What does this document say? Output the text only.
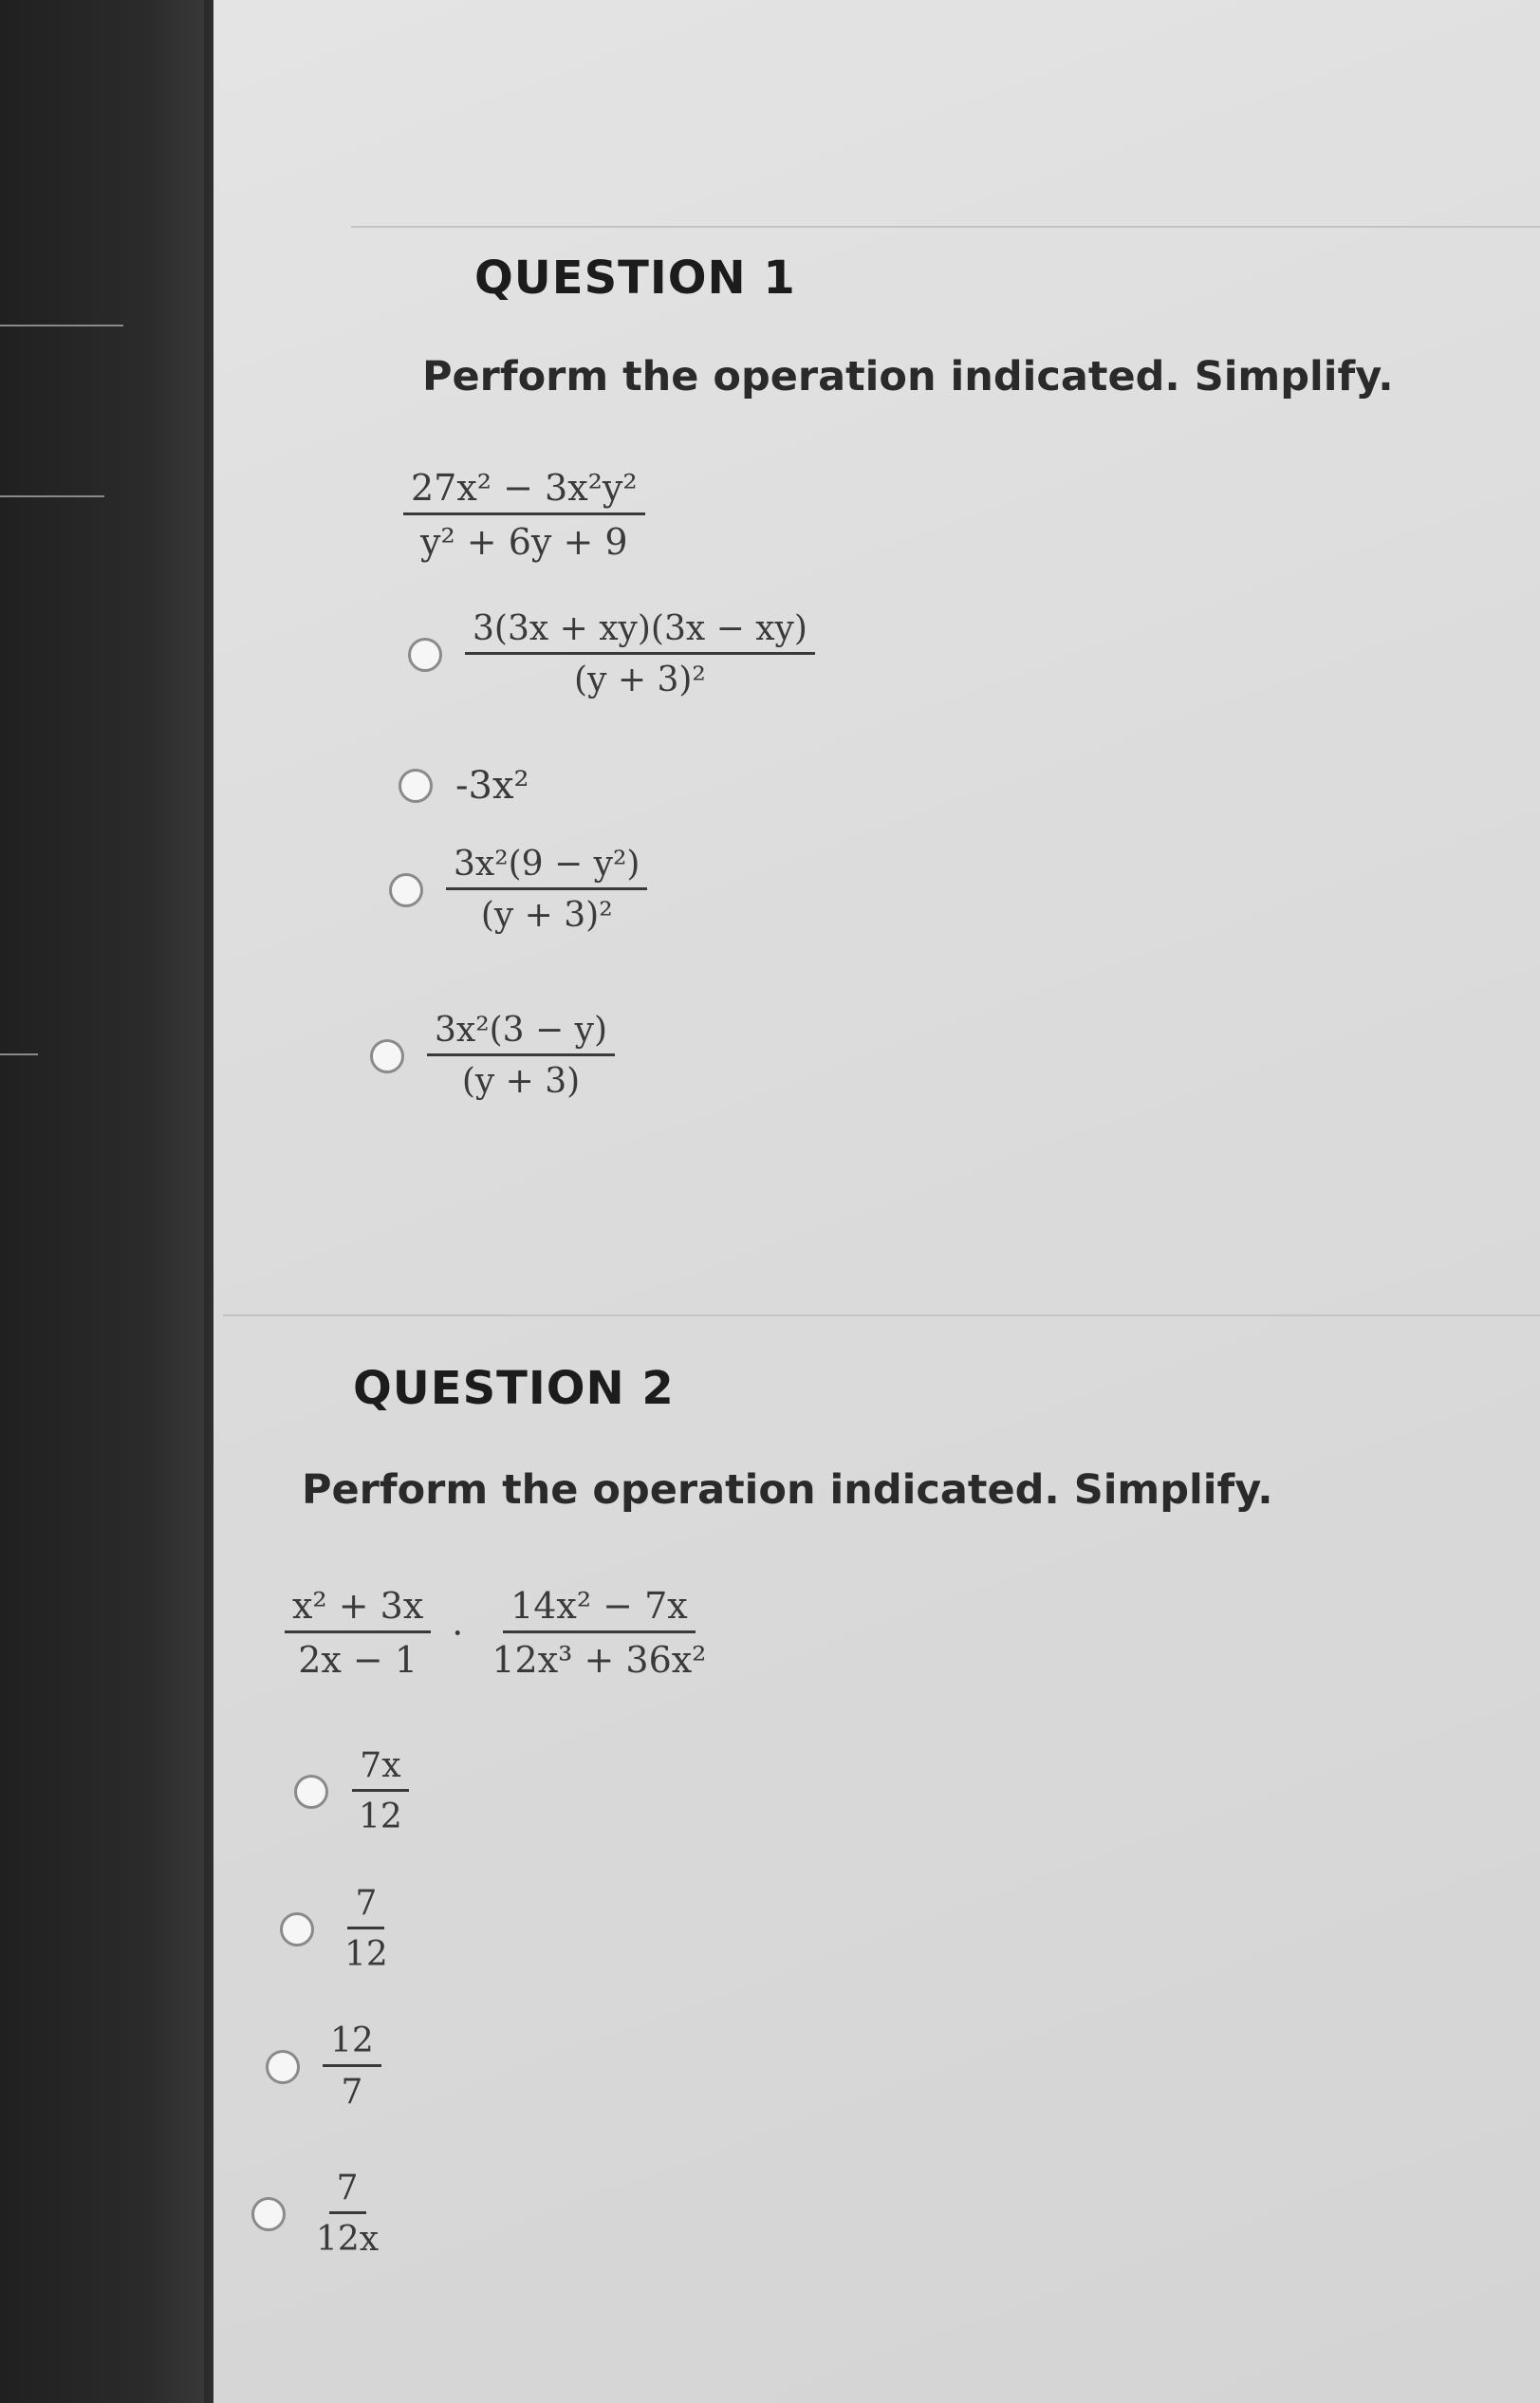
QUESTION 1
Perform the operation indicated. Simplify.
$\frac{\text{27x² − 3x²y²}}{\text{y² + 6y + 9}}$
$\frac{3(3x + xy)(3x - xy)}{\text{(y + 3)²}}$
-3x²
$\frac{\text{3x²(9 − y²)}}{\text{(y + 3)²}}$
$\frac{\text{3x²(3 − y)}}{(y + 3)}$
QUESTION 2
Perform the operation indicated. Simplify.
$\frac{\text{x² + 3x}}{2x - 1} \cdot \frac{\text{14x² − 7x}}{\text{12x³ + 36x²}}$
$\frac{7x}{12}$
$\frac{7}{12}$
$\frac{12}{7}$
$\frac{7}{12x}$
